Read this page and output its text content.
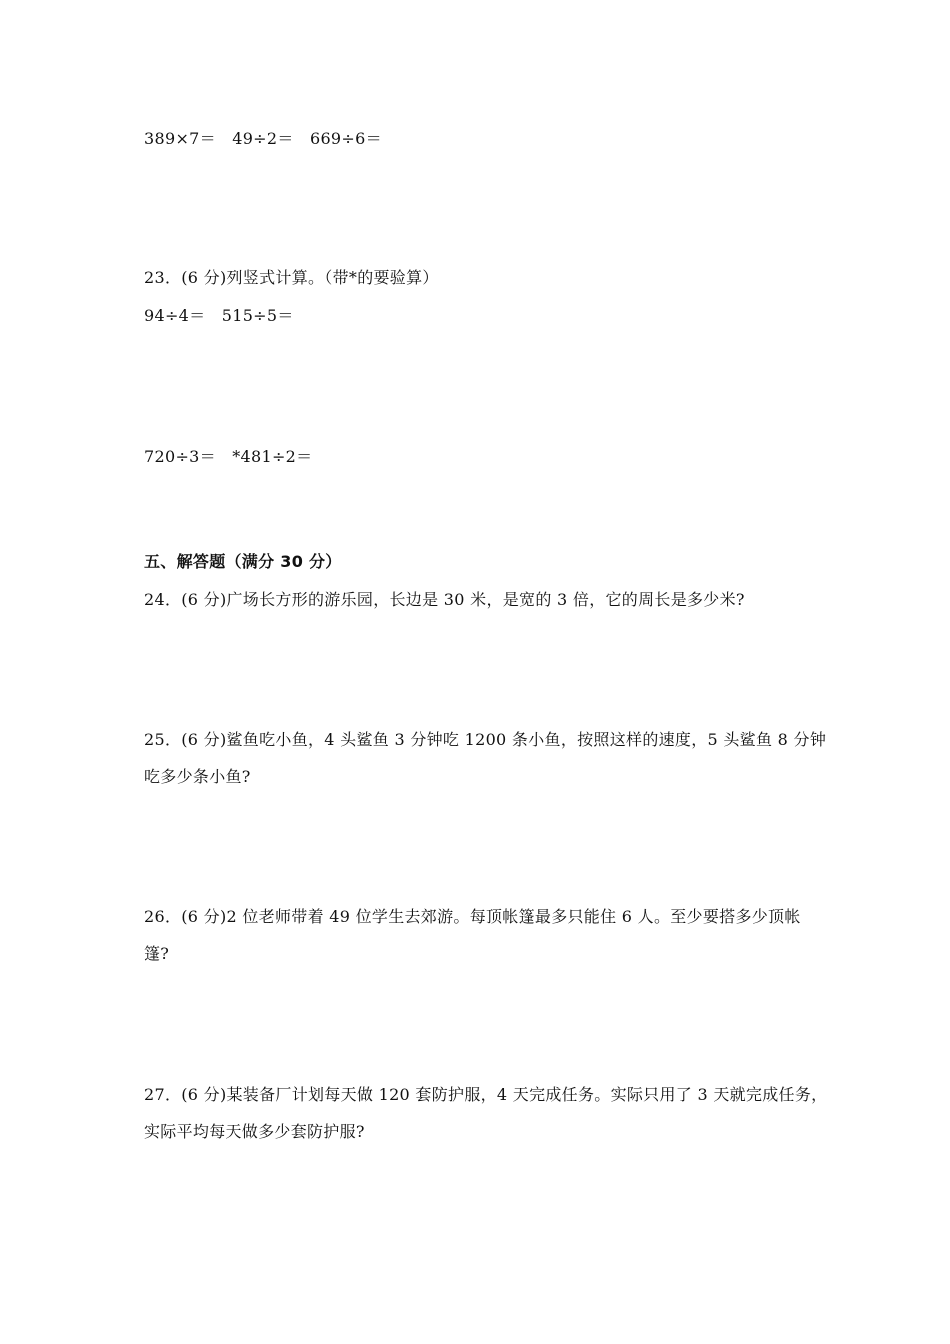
389×7＝　49÷2＝　669÷6＝
23．(6 分)列竖式计算。（带*的要验算）
94÷4＝　515÷5＝
720÷3＝　*481÷2＝
五、解答题（满分 30 分）
24．(6 分)广场长方形的游乐园，长边是 30 米，是宽的 3 倍，它的周长是多少米?
25．(6 分)鲨鱼吃小鱼，4 头鲨鱼 3 分钟吃 1200 条小鱼，按照这样的速度，5 头鲨鱼 8 分钟
吃多少条小鱼?
26．(6 分)2 位老师带着 49 位学生去郊游。每顶帐篷最多只能住 6 人。至少要搭多少顶帐
篷?
27．(6 分)某装备厂计划每天做 120 套防护服，4 天完成任务。实际只用了 3 天就完成任务，
实际平均每天做多少套防护服?
